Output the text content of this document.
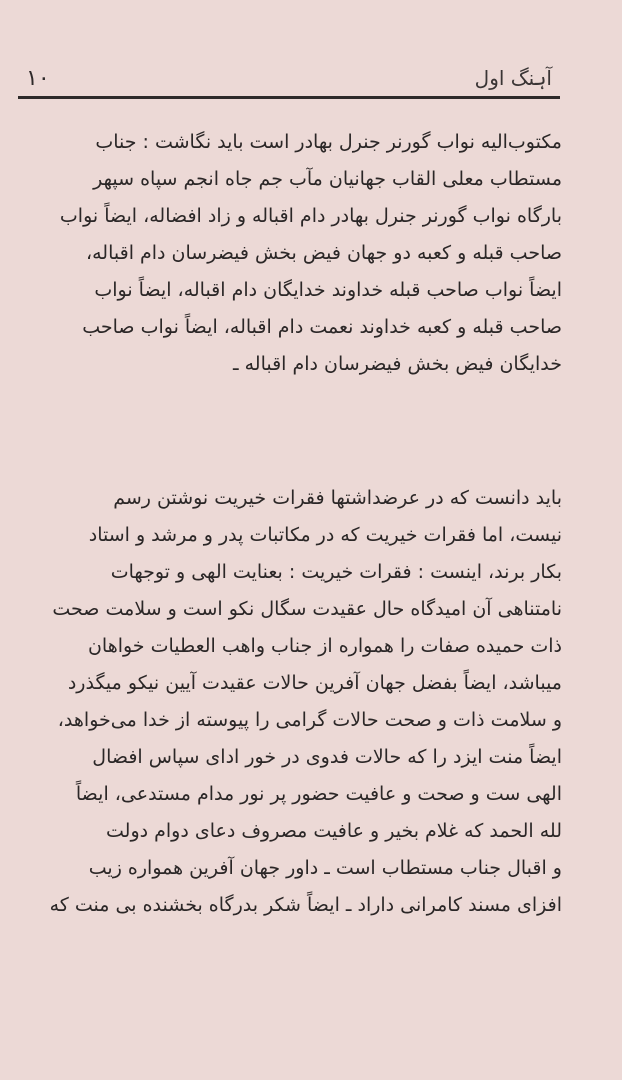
۱۰	آہنگ اول
مکتوب‌الیه نواب گورنر جنرل بهادر است باید نگاشت : جناب
مستطاب معلی القاب جهانیان مآب جم جاه انجم سپاه سپهر
بارگاه نواب گورنر جنرل بهادر دام اقباله و زاد افضاله، ایضاً نواب
صاحب قبله و کعبه دو جهان فیض بخش فیضرسان دام اقباله،
ایضاً نواب صاحب قبله خداوند خدایگان دام اقباله، ایضاً نواب
صاحب قبله و کعبه خداوند نعمت دام اقباله، ایضاً نواب صاحب
خدایگان فیض بخش فیضرسان دام اقباله ـ
باید دانست که در عرضداشتها فقرات خیریت نوشتن رسم
نیست، اما فقرات خیریت که در مکاتبات پدر و مرشد و استاد
بکار برند، اینست : فقرات خیریت : بعنایت الهی و توجهات
نامتناهی آن امیدگاه حال عقیدت سگال نکو است و سلامت صحت
ذات حمیده صفات را همواره از جناب واهب العطیات خواهان
میباشد، ایضاً بفضل جهان آفرین حالات عقیدت آیین نیکو میگذرد
و سلامت ذات و صحت حالات گرامی را پیوسته از خدا می‌خواهد،
ایضاً منت ایزد را که حالات فدوی در خور ادای سپاس افضال
الهی ست و صحت و عافیت حضور پر نور مدام مستدعی، ایضاً
لله الحمد که غلام بخیر و عافیت مصروف دعای دوام دولت
و اقبال جناب مستطاب است ـ داور جهان آفرین همواره زیب
افزای مسند کامرانی داراد ـ ایضاً شکر بدرگاه بخشنده بی منت که
